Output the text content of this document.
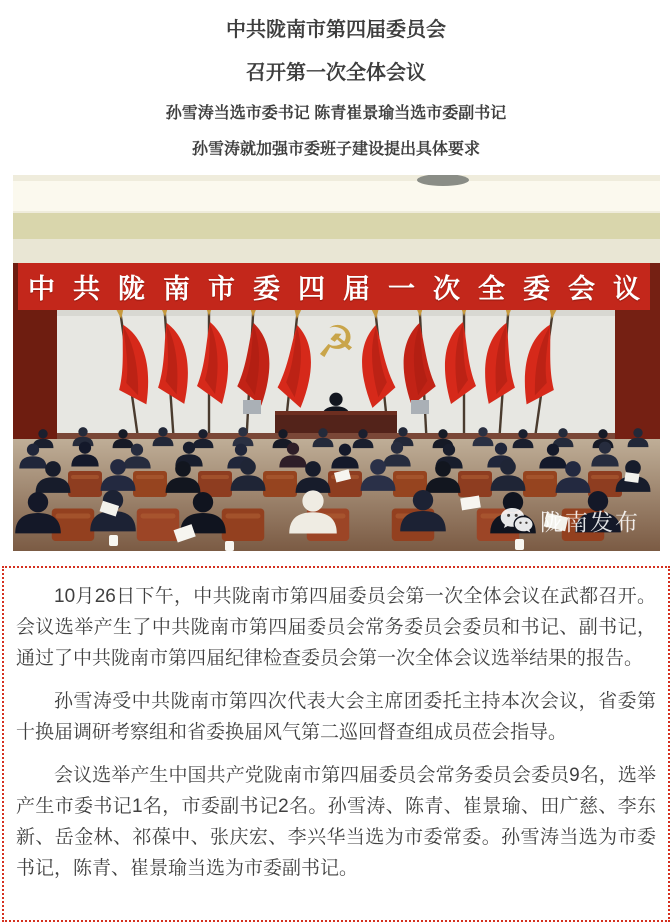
中共陇南市第四届委员会
召开第一次全体会议
孙雪涛当选市委书记 陈青崔景瑜当选市委副书记
孙雪涛就加强市委班子建设提出具体要求
☭
中共陇南市委四届一次全委会议
陇南发布

10月26日下午，中共陇南市第四届委员会第一次全体会议在武都召开。会议选举产生了中共陇南市第四届委员会常务委员会委员和书记、副书记，通过了中共陇南市第四届纪律检查委员会第一次全体会议选举结果的报告。

孙雪涛受中共陇南市第四次代表大会主席团委托主持本次会议，省委第十换届调研考察组和省委换届风气第二巡回督查组成员莅会指导。

会议选举产生中国共产党陇南市第四届委员会常务委员会委员9名，选举产生市委书记1名，市委副书记2名。孙雪涛、陈青、崔景瑜、田广慈、李东新、岳金林、祁葆中、张庆宏、李兴华当选为市委常委。孙雪涛当选为市委书记，陈青、崔景瑜当选为市委副书记。
